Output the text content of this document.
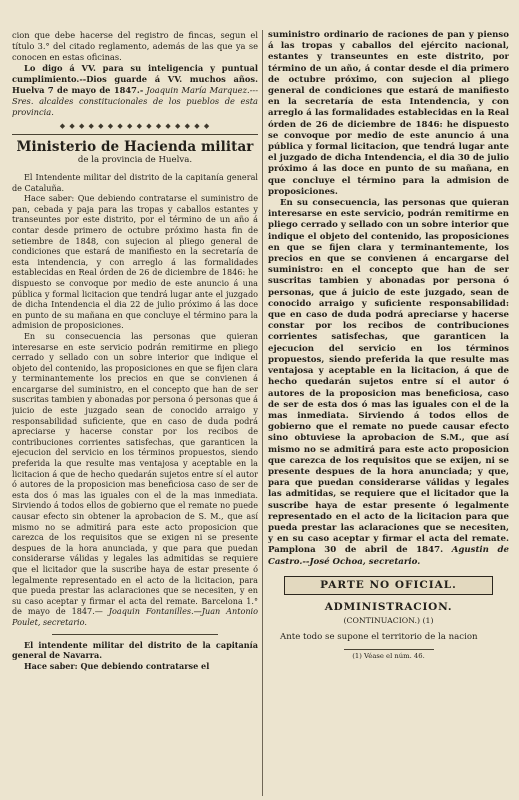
cion que debe hacerse del registro de fincas, segun el título 3.° del citado reglamento, además de las que ya se conocen en estas oficinas.

Lo digo á VV. para su inteligencia y puntual cumplimiento.--Dios guarde á VV. muchos años. Huelva 7 de mayo de 1847.- Joaquin María Marquez.---Sres. alcaldes constitucionales de los pueblos de esta provincia.

◆ ◆ ◆ ◆ ◆ ◆ ◆ ◆ ◆ ◆ ◆ ◆ ◆ ◆ ◆ ◆
Ministerio de Hacienda militar
de la provincia de Huelva.

El Intendente militar del distrito de la capitanía general de Cataluña.

Hace saber: Que debiendo contratarse el suministro de pan, cebada y paja para las tropas y caballos estantes y transeuntes por este distrito, por el término de un año á contar desde primero de octubre próximo hasta fin de setiembre de 1848, con sujecion al pliego general de condiciones que estará de manifiesto en la secretaría de esta intendencia, y con arreglo á las formalidades establecidas en Real órden de 26 de diciembre de 1846: he dispuesto se convoque por medio de este anuncio á una pública y formal licitacion que tendrá lugar ante el juzgado de dicha Intendencia el dia 22 de julio próximo á las doce en punto de su mañana en que concluye el término para la admision de proposiciones.

En su consecuencia las personas que quieran interesarse en este servicio podrán remitirme en pliego cerrado y sellado con un sobre interior que indique el objeto del contenido, las proposiciones en que se fijen clara y terminantemente los precios en que se convienen á encargarse del suministro, en el concepto que han de ser suscritas tambien y abonadas por persona ó personas que á juicio de este juzgado sean de conocido arraigo y responsabilidad suficiente, que en caso de duda podrá apreciarse y hacerse constar por los recibos de contribuciones corrientes satisfechas, que garanticen la ejecucion del servicio en los términos propuestos, siendo preferida la que resulte mas ventajosa y aceptable en la licitacion á que de hecho quedarán sujetos entre sí el autor ó autores de la proposicion mas beneficiosa caso de ser de esta dos ó mas las iguales con el de la mas inmediata. Sirviendo á todos ellos de gobierno que el remate no puede causar efecto sin obtener la aprobacion de S. M., que así mismo no se admitirá para este acto proposicion que carezca de los requisitos que se exigen ni se presente despues de la hora anunciada, y que para que puedan considerarse válidas y legales las admitidas se requiere que el licitador que la suscribe haya de estar presente ó legalmente representado en el acto de la licitacion, para que pueda prestar las aclaraciones que se necesiten, y en su caso aceptar y firmar el acta del remate. Barcelona 1.° de mayo de 1847.— Joaquin Fontanilles.—Juan Antonio Poulet, secretario.

El intendente militar del distrito de la capitanía general de Navarra.

Hace saber: Que debiendo contratarse el

suministro ordinario de raciones de pan y pienso á las tropas y caballos del ejército nacional, estantes y transeuntes en este distrito, por término de un año, á contar desde el dia primero de octubre próximo, con sujecion al pliego general de condiciones que estará de manifiesto en la secretaría de esta Intendencia, y con arreglo á las formalidades establecidas en la Real órden de 26 de diciembre de 1846: he dispuesto se convoque por medio de este anuncio á una pública y formal licitacion, que tendrá lugar ante el juzgado de dicha Intendencia, el dia 30 de julio próximo á las doce en punto de su mañana, en que concluye el término para la admision de proposiciones.

En su consecuencia, las personas que quieran interesarse en este servicio, podrán remitirme en pliego cerrado y sellado con un sobre interior que indique el objeto del contenido, las proposiciones en que se fijen clara y terminantemente, los precios en que se convienen á encargarse del suministro: en el concepto que han de ser suscritas tambien y abonadas por persona ó personas, que á juicio de este juzgado, sean de conocido arraigo y suficiente responsabilidad: que en caso de duda podrá apreciarse y hacerse constar por los recibos de contribuciones corrientes satisfechas, que garanticen la ejecucion del servicio en los términos propuestos, siendo preferida la que resulte mas ventajosa y aceptable en la licitacion, á que de hecho quedarán sujetos entre sí el autor ó autores de la proposicion mas beneficiosa, caso de ser de esta dos ó mas las iguales con el de la mas inmediata. Sirviendo á todos ellos de gobierno que el remate no puede causar efecto sino obtuviese la aprobacion de S.M., que así mismo no se admitirá para este acto proposicion que carezca de los requisitos que se exijen, ni se presente despues de la hora anunciada; y que, para que puedan considerarse válidas y legales las admitidas, se requiere que el licitador que la suscribe haya de estar presente ó legalmente representado en el acto de la licitacion para que pueda prestar las aclaraciones que se necesiten, y en su caso aceptar y firmar el acta del remate. Pamplona 30 de abril de 1847. Agustin de Castro.--José Ochoa, secretario.

PARTE NO OFICIAL.
ADMINISTRACION.
(CONTINUACION.) (1)

Ante todo se supone el territorio de la nacion

(1) Véase el núm. 46.
